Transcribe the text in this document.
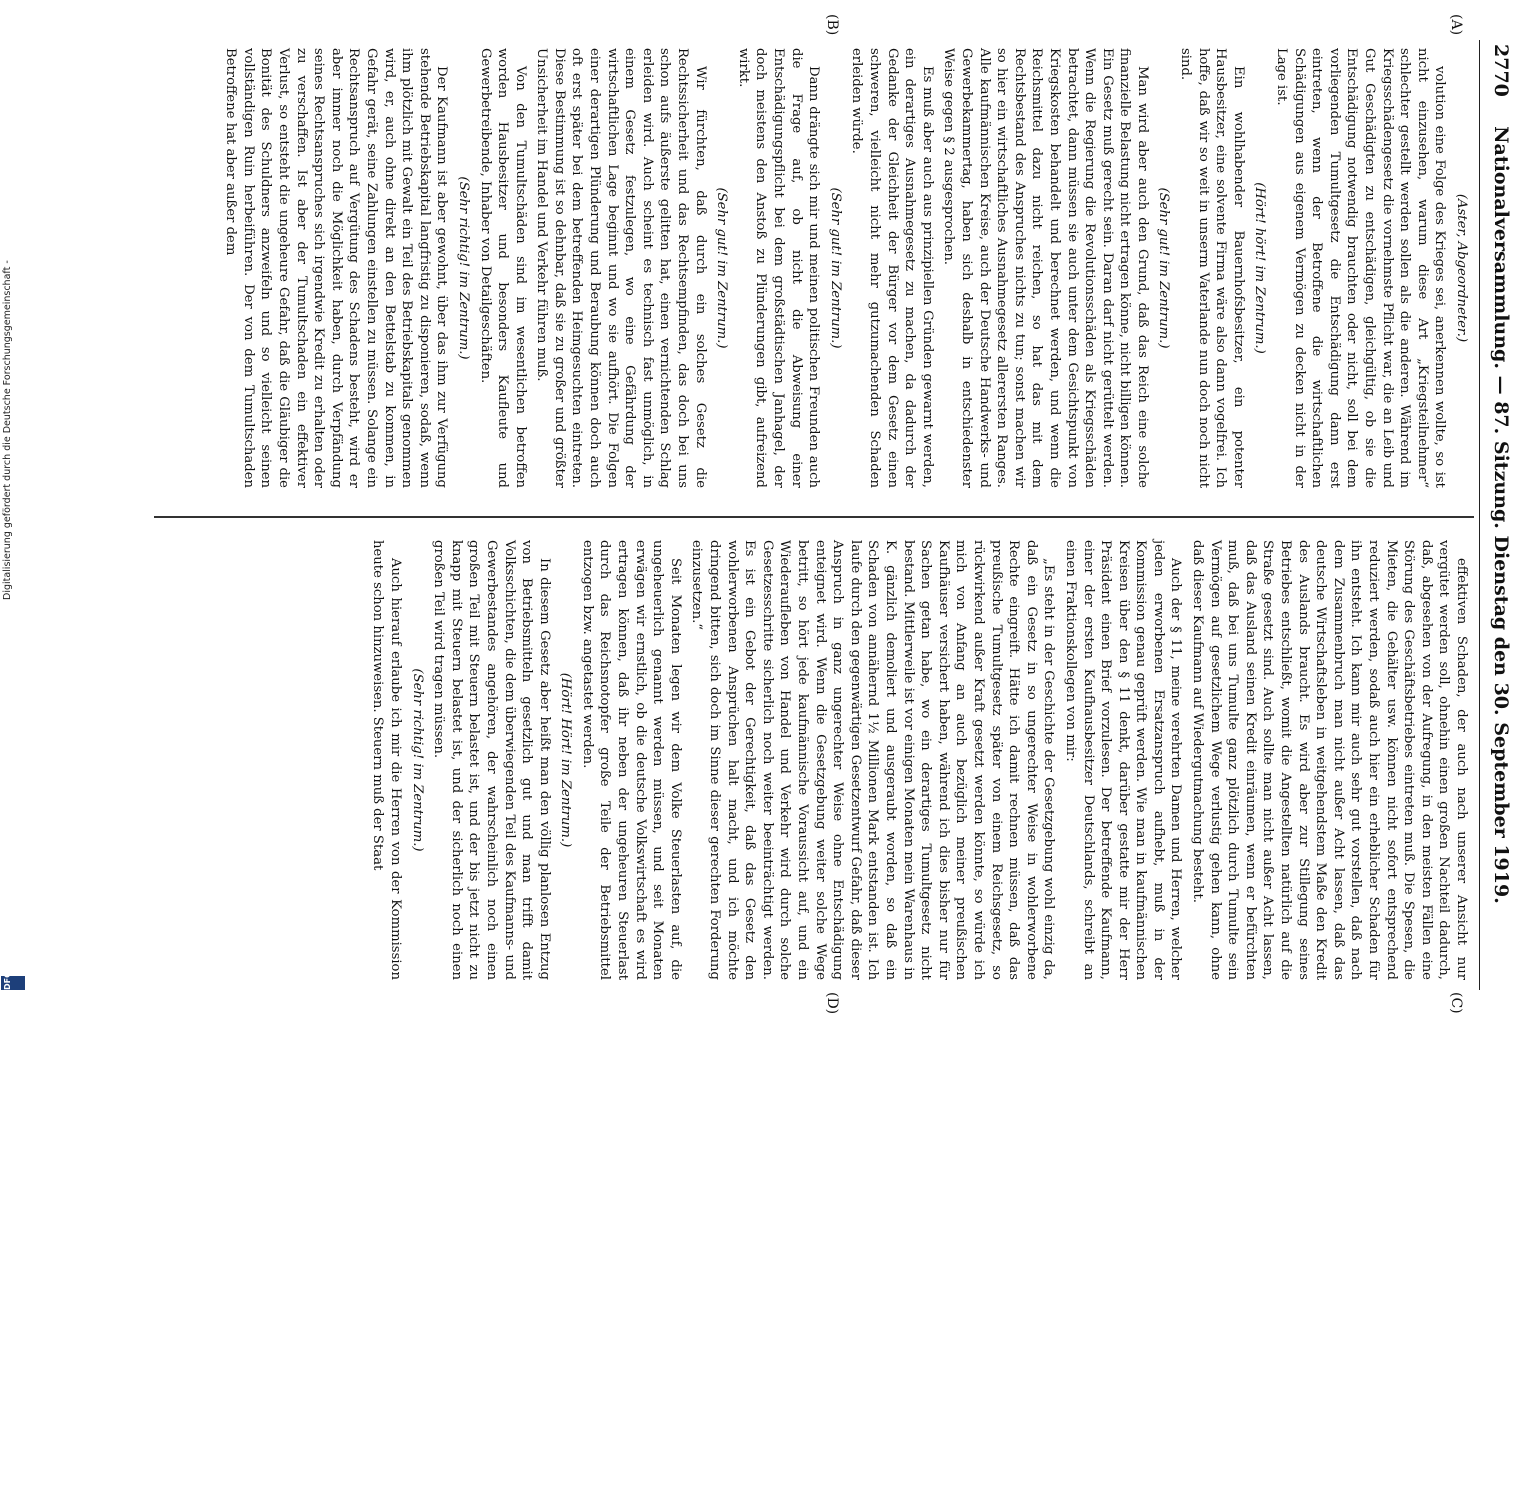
2770
Nationalversammlung. — 87. Sitzung. Dienstag den 30. September 1919.
(A)
(B)
(C)
(D)

(Aster, Abgeordneter.)

volution eine Folge des Krieges sei, anerkennen wollte, so ist nicht einzusehen, warum diese Art „Kriegsteilnehmer“ schlechter gestellt werden sollen als die anderen. Während im Kriegsschädengesetz die vornehmste Pflicht war, die an Leib und Gut Geschädigten zu entschädigen, gleichgültig, ob sie die Entschädigung notwendig brauchten oder nicht, soll bei dem vorliegenden Tumultgesetz die Entschädigung dann erst eintreten, wenn der Betroffene die wirtschaftlichen Schädigungen aus eigenem Vermögen zu decken nicht in der Lage ist.

(Hört! hört! im Zentrum.)

Ein wohlhabender Bauernhofsbesitzer, ein potenter Hausbesitzer, eine solvente Firma wäre also dann vogelfrei. Ich hoffe, daß wir so weit in unserm Vaterlande nun doch noch nicht sind.

(Sehr gut! im Zentrum.)

Man wird aber auch den Grund, daß das Reich eine solche finanzielle Belastung nicht ertragen könne, nicht billigen können. Ein Gesetz muß gerecht sein. Daran darf nicht gerüttelt werden. Wenn die Regierung die Revolutionsschäden als Kriegsschäden betrachtet, dann müssen sie auch unter dem Gesichtspunkt von Kriegskosten behandelt und berechnet werden, und wenn die Reichsmittel dazu nicht reichen, so hat das mit dem Rechtsbestand des Anspruches nichts zu tun; sonst machen wir so hier ein wirtschaftliches Ausnahmegesetz allerersten Ranges. Alle kaufmännischen Kreise, auch der Deutsche Handwerks- und Gewerbekammertag, haben sich deshalb in entschiedenster Weise gegen § 2 ausgesprochen.

Es muß aber auch aus prinzipiellen Gründen gewarnt werden, ein derartiges Ausnahmegesetz zu machen, da dadurch der Gedanke der Gleichheit der Bürger vor dem Gesetz einen schweren, vielleicht nicht mehr gutzumachenden Schaden erleiden würde.

(Sehr gut! im Zentrum.)

Dann drängte sich mir und meinen politischen Freunden auch die Frage auf, ob nicht die Abweisung einer Entschädigungspflicht bei dem großstädtischen Janhagel, der doch meistens den Anstoß zu Plünderungen gibt, aufreizend wirkt.

(Sehr gut! im Zentrum.)

Wir fürchten, daß durch ein solches Gesetz die Rechtssicherheit und das Rechtsempfinden, das doch bei uns schon aufs äußerste gelitten hat, einen vernichtenden Schlag erleiden wird. Auch scheint es technisch fast unmöglich, in einem Gesetz festzulegen, wo eine Gefährdung der wirtschaftlichen Lage beginnt und wo sie aufhört. Die Folgen einer derartigen Plünderung und Beraubung können doch auch oft erst später bei dem betreffenden Heimgesuchten eintreten. Diese Bestimmung ist so dehnbar, daß sie zu großer und größter Unsicherheit im Handel und Verkehr führen muß.

Von den Tumultschäden sind im wesentlichen betroffen worden Hausbesitzer und besonders Kaufleute und Gewerbetreibende, Inhaber von Detailgeschäften.

(Sehr richtig! im Zentrum.)

Der Kaufmann ist aber gewohnt, über das ihm zur Verfügung stehende Betriebskapital langfristig zu disponieren, sodaß, wenn ihm plötzlich mit Gewalt ein Teil des Betriebskapitals genommen wird, er, auch ohne direkt an den Bettelstab zu kommen, in Gefahr gerät, seine Zahlungen einstellen zu müssen. Solange ein Rechtsanspruch auf Vergütung des Schadens besteht, wird er aber immer noch die Möglichkeit haben, durch Verpfändung seines Rechtsanspruches sich irgendwie Kredit zu erhalten oder zu verschaffen. Ist aber der Tumultschaden ein effektiver Verlust, so entsteht die ungeheure Gefahr, daß die Gläubiger die Bonität des Schuldners anzweifeln und so vielleicht seinen vollständigen Ruin herbeiführen. Der von dem Tumultschaden Betroffene hat aber außer dem

effektiven Schaden, der auch nach unserer Ansicht nur vergütet werden soll, ohnehin einen großen Nachteil dadurch, daß, abgesehen von der Aufregung, in den meisten Fällen eine Störung des Geschäftsbetriebes eintreten muß. Die Spesen, die Mieten, die Gehälter usw. können nicht sofort entsprechend reduziert werden, sodaß auch hier ein erheblicher Schaden für ihn entsteht. Ich kann mir auch sehr gut vorstellen, daß nach dem Zusammenbruch man nicht außer Acht lassen, daß das deutsche Wirtschaftsleben in weitgehendstem Maße den Kredit des Auslands braucht. Es wird aber zur Stillegung seines Betriebes entschließt, womit die Angestellten natürlich auf die Straße gesetzt sind. Auch sollte man nicht außer Acht lassen, daß das Ausland seinen Kredit einräumen, wenn er befürchten muß, daß bei uns Tumulte ganz plötzlich durch Tumulte sein Vermögen auf gesetzlichem Wege verlustig gehen kann, ohne daß dieser Kaufmann auf Wiedergutmachung besteht.

Auch der § 11, meine verehrten Damen und Herren, welcher jeden erworbenen Ersatzanspruch aufhebt, muß in der Kommission genau geprüft werden. Wie man in kaufmännischen Kreisen über den § 11 denkt, darüber gestatte mir der Herr Präsident einen Brief vorzulesen. Der betreffende Kaufmann, einer der ersten Kaufhausbesitzer Deutschlands, schreibt an einen Fraktionskollegen von mir:

„Es steht in der Geschichte der Gesetzgebung wohl einzig da, daß ein Gesetz in so ungerechter Weise in wohlerworbene Rechte eingreift. Hätte ich damit rechnen müssen, daß das preußische Tumultgesetz später von einem Reichsgesetz, so rückwirkend außer Kraft gesetzt werden könnte, so würde ich mich von Anfang an auch bezüglich meiner preußischen Kaufhäuser versichert haben, während ich dies bisher nur für Sachen getan habe, wo ein derartiges Tumultgesetz nicht bestand. Mittlerweile ist vor einigen Monaten mein Warenhaus in K. gänzlich demoliert und ausgeraubt worden, so daß ein Schaden von annähernd 1½ Millionen Mark entstanden ist. Ich laufe durch den gegenwärtigen Gesetzentwurf Gefahr, daß dieser Anspruch in ganz ungerechter Weise ohne Entschädigung enteignet wird. Wenn die Gesetzgebung weiter solche Wege betritt, so hört jede kaufmännische Voraussicht auf, und ein Wiederaufleben von Handel und Verkehr wird durch solche Gesetzesschritte sicherlich noch weiter beeinträchtigt werden. Es ist ein Gebot der Gerechtigkeit, daß das Gesetz den wohlerworbenen Ansprüchen halt macht, und ich möchte dringend bitten, sich doch im Sinne dieser gerechten Forderung einzusetzen.“

Seit Monaten legen wir dem Volke Steuerlasten auf, die ungeheuerlich genannt werden müssen, und seit Monaten erwägen wir ernstlich, ob die deutsche Volkswirtschaft es wird ertragen können, daß ihr neben der ungeheuren Steuerlast durch das Reichsnotopfer große Teile der Betriebsmittel entzogen bzw. angetastet werden.

(Hört! Hört! im Zentrum.)

In diesem Gesetz aber heißt man den völlig planlosen Entzug von Betriebsmitteln gesetzlich gut und man trifft damit Volksschichten, die dem überwiegenden Teil des Kaufmanns- und Gewerbestandes angehören, der wahrscheinlich noch einen großen Teil mit Steuern belastet ist, und der bis jetzt nicht zu knapp mit Steuern belastet ist, und der sicherlich noch einen großen Teil wird tragen müssen.

(Sehr richtig! im Zentrum.)

Auch hierauf erlaube ich mir die Herren von der Kommission heute schon hinzuweisen. Steuern muß der Staat

Digitalisierung gefördert durch die Deutsche Forschungsgemeinschaft -
DFG
